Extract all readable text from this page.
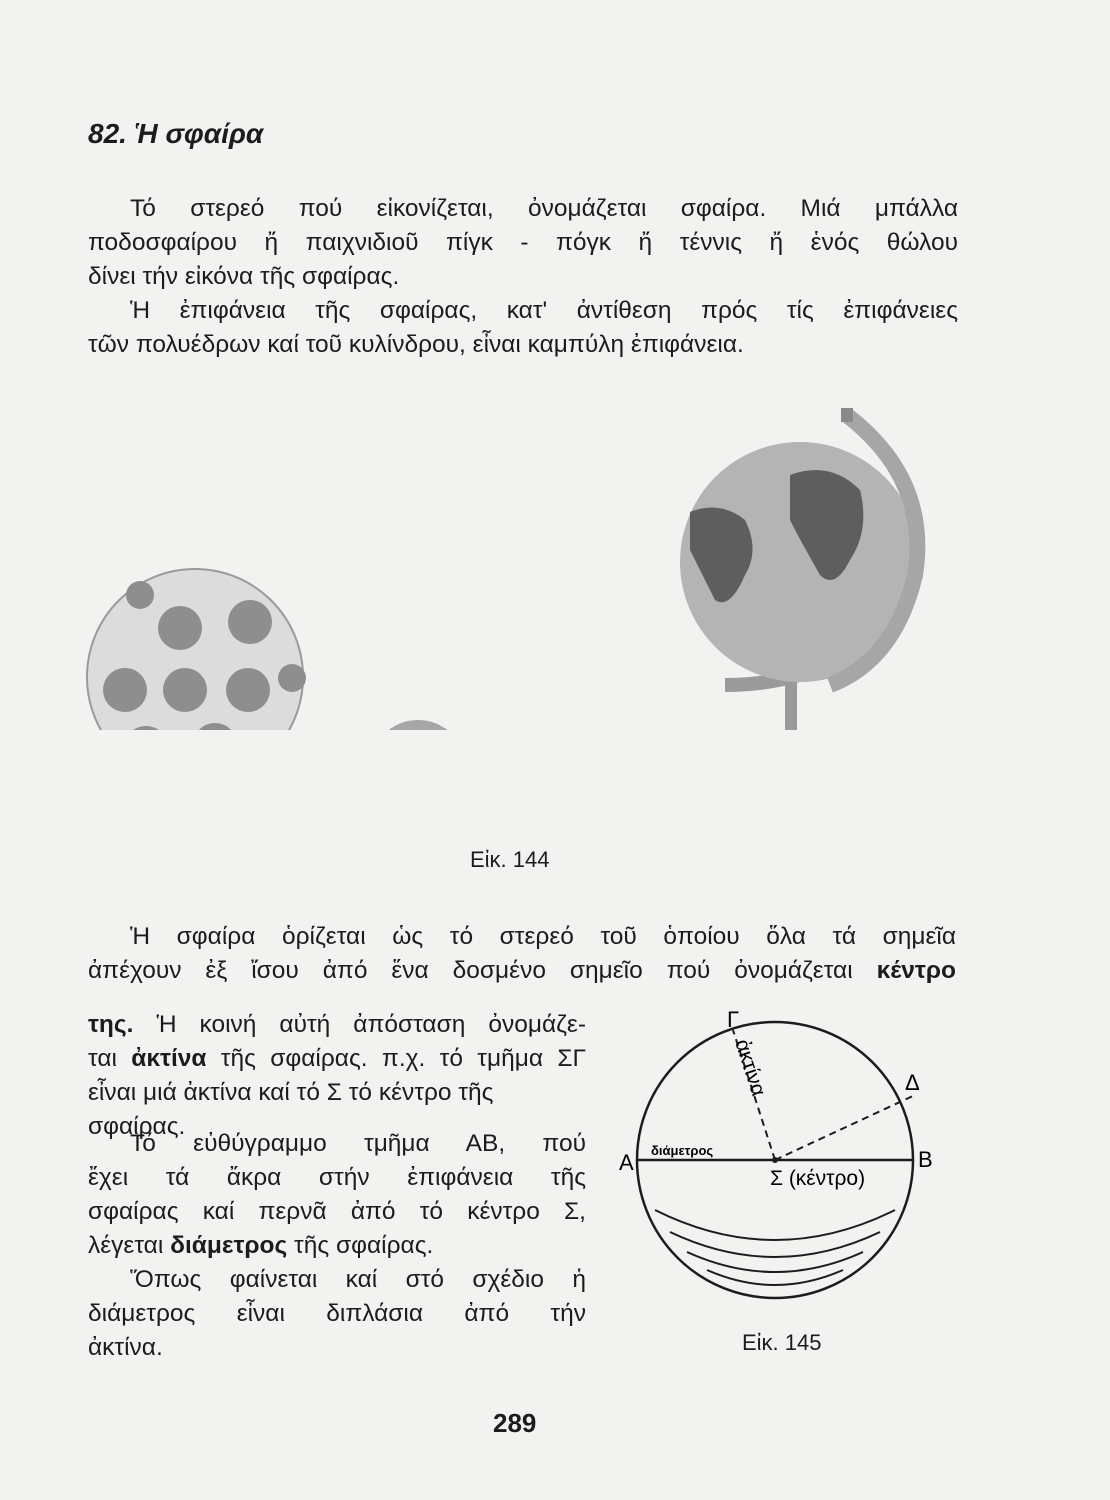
82. Ἡ σφαίρα

Τό στερεό πού εἰκονίζεται, ὀνομάζεται σφαίρα. Μιά μπάλλα
ποδοσφαίρου ἤ παιχνιδιοῦ πίγκ - πόγκ ἤ τέννις ἤ ἑνός θώλου
δίνει τήν εἰκόνα τῆς σφαίρας.

Ἡ ἐπιφάνεια τῆς σφαίρας, κατ' ἀντίθεση πρός τίς ἐπιφάνειες
τῶν πολυέδρων καί τοῦ κυλίνδρου, εἶναι καμπύλη ἐπιφάνεια.

Εἰκ. 144
Ἡ σφαίρα ὁρίζεται ὡς τό στερεό τοῦ ὁποίου ὅλα τά σημεῖα
ἀπέχουν ἐξ ἴσου ἀπό ἕνα δοσμένο σημεῖο πού ὀνομάζεται κέντρο
της. Ἡ κοινή αὐτή ἀπόσταση ὀνομάζε-
ται ἀκτίνα τῆς σφαίρας. π.χ. τό τμῆμα ΣΓ
εἶναι μιά ἀκτίνα καί τό Σ τό κέντρο τῆς
σφαίρας.
Τό εὐθύγραμμο τμῆμα ΑΒ, πού
ἔχει τά ἄκρα στήν ἐπιφάνεια τῆς
σφαίρας καί περνᾶ ἀπό τό κέντρο Σ,
λέγεται διάμετρος τῆς σφαίρας.
Ὅπως φαίνεται καί στό σχέδιο ἡ
διάμετρος εἶναι διπλάσια ἀπό τήν
ἀκτίνα.
Γ
Δ
Α	Β
ἀκτίνα
διάμετρος
Σ (κέντρο)
Εἰκ. 145
289
